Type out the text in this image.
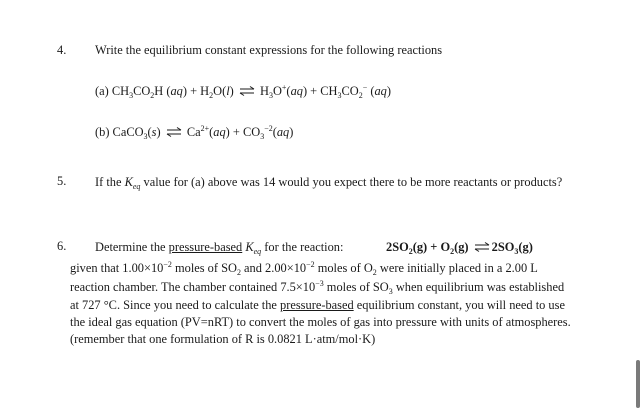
4. Write the equilibrium constant expressions for the following reactions
(a) $CH_3CO_2H$ $(aq) + H_2O(l)$ ⇌ $H_3O^+(aq) + CH_3CO_2^-$ (aq)
(b) CaCO$_3$(s) ⇌ $Ca^{2+}(aq) + CO_3^{-2}(aq)$
5. If the $K_{eq}$ value for (a) above was 14 would you expect there to be more reactants or products?
6. Determine the pressure-based $K_{eq}$ for the reaction:	$2SO_2(g) + O_2(g)$ ⇌ $2SO_3(g)$
given that $1.00\times 10^{-2}$ moles of $SO_2$ and $2.00\times 10^{-2}$ moles of $O_2$ were initially placed in a 2.00 L
reaction chamber. The chamber contained $7.5\times 10^{-3}$ moles of $SO_3$ when equilibrium was established
at 727 °C. Since you need to calculate the pressure-based equilibrium constant, you will need to use
the ideal gas equation (PV=nRT) to convert the moles of gas into pressure with units of atmospheres.
(remember that one formulation of R is 0.0821 L·atm/mol·K)
